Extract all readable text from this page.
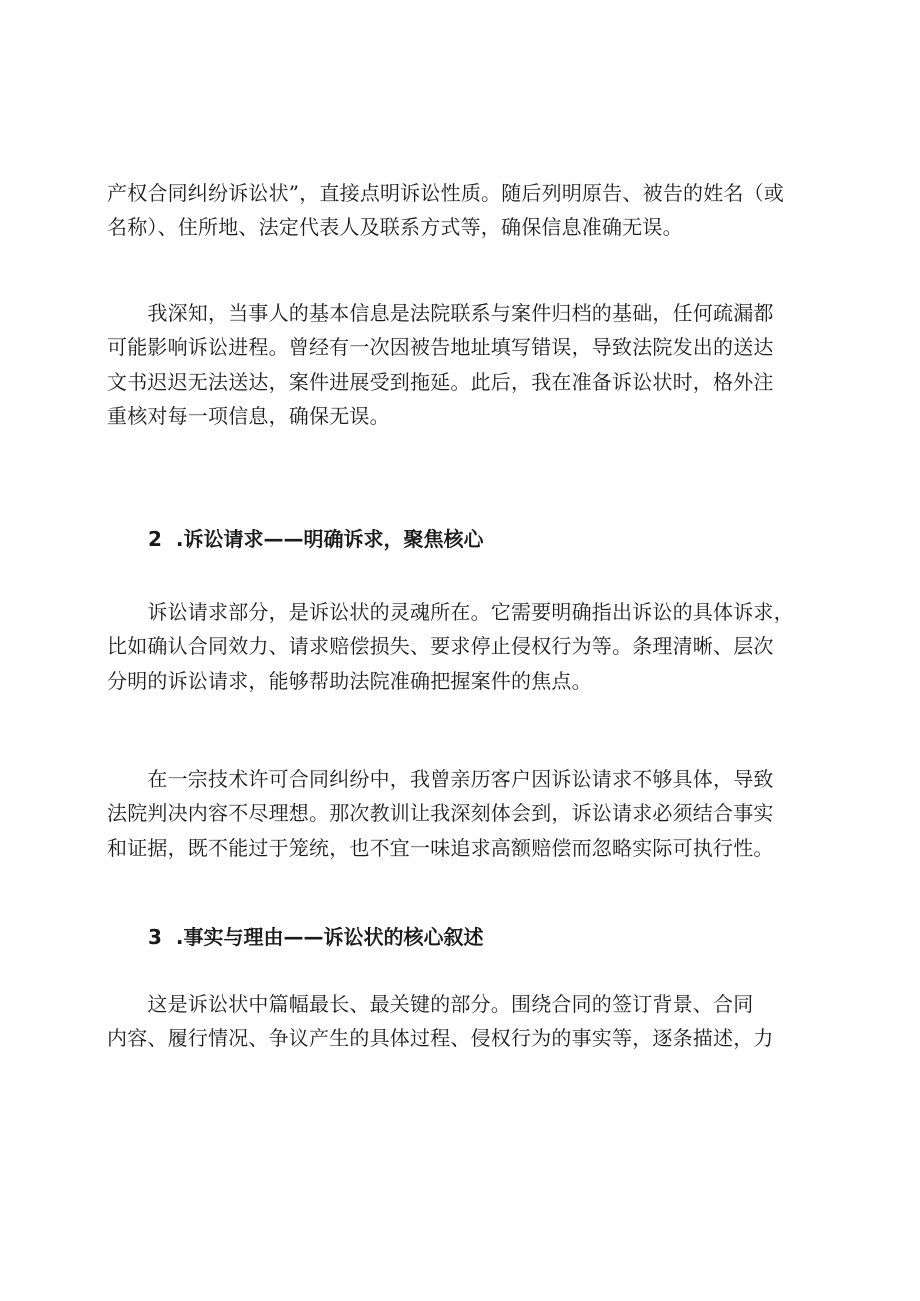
产权合同纠纷诉讼状”，直接点明诉讼性质。随后列明原告、被告的姓名（或
名称）、住所地、法定代表人及联系方式等，确保信息准确无误。

　　我深知，当事人的基本信息是法院联系与案件归档的基础，任何疏漏都
可能影响诉讼进程。曾经有一次因被告地址填写错误，导致法院发出的送达
文书迟迟无法送达，案件进展受到拖延。此后，我在准备诉讼状时，格外注
重核对每一项信息，确保无误。

2 .诉讼请求——明确诉求，聚焦核心

　　诉讼请求部分，是诉讼状的灵魂所在。它需要明确指出诉讼的具体诉求，
比如确认合同效力、请求赔偿损失、要求停止侵权行为等。条理清晰、层次
分明的诉讼请求，能够帮助法院准确把握案件的焦点。

　　在一宗技术许可合同纠纷中，我曾亲历客户因诉讼请求不够具体，导致
法院判决内容不尽理想。那次教训让我深刻体会到，诉讼请求必须结合事实
和证据，既不能过于笼统，也不宜一味追求高额赔偿而忽略实际可执行性。

3 .事实与理由——诉讼状的核心叙述

　　这是诉讼状中篇幅最长、最关键的部分。围绕合同的签订背景、合同
内容、履行情况、争议产生的具体过程、侵权行为的事实等，逐条描述，力
